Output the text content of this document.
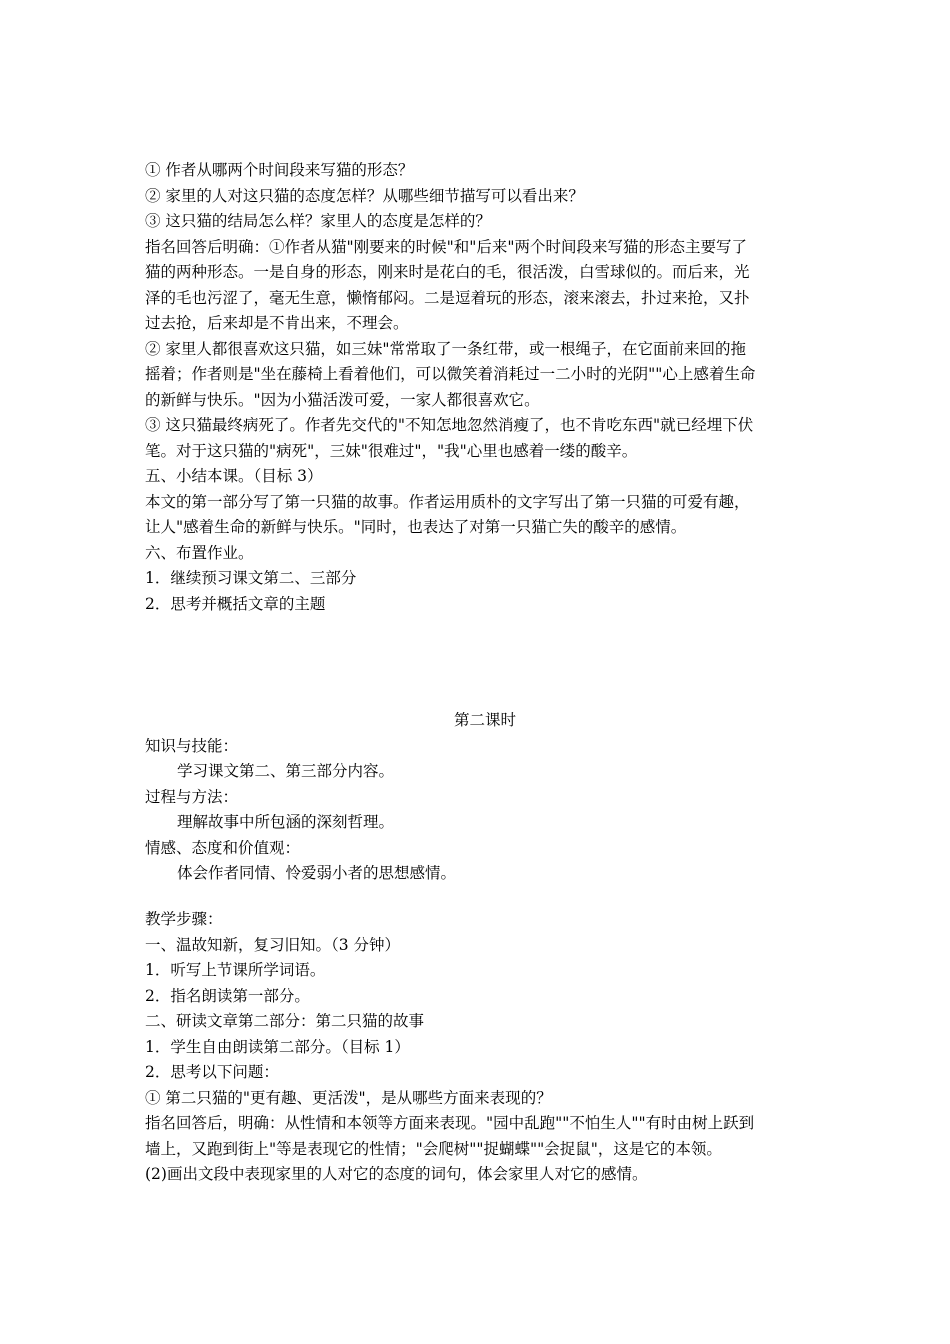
① 作者从哪两个时间段来写猫的形态？
② 家里的人对这只猫的态度怎样？从哪些细节描写可以看出来？
③ 这只猫的结局怎么样？家里人的态度是怎样的？
指名回答后明确：①作者从猫"刚要来的时候"和"后来"两个时间段来写猫的形态主要写了
猫的两种形态。一是自身的形态，刚来时是花白的毛，很活泼，白雪球似的。而后来，光
泽的毛也污涩了，毫无生意，懒惰郁闷。二是逗着玩的形态，滚来滚去，扑过来抢，又扑
过去抢，后来却是不肯出来，不理会。
② 家里人都很喜欢这只猫，如三妹"常常取了一条红带，或一根绳子，在它面前来回的拖
摇着；作者则是"坐在藤椅上看着他们，可以微笑着消耗过一二小时的光阴""心上感着生命
的新鲜与快乐。"因为小猫活泼可爱，一家人都很喜欢它。
③ 这只猫最终病死了。作者先交代的"不知怎地忽然消瘦了，也不肯吃东西"就已经埋下伏
笔。对于这只猫的"病死"，三妹"很难过"，"我"心里也感着一缕的酸辛。
五、小结本课。（目标 3）
本文的第一部分写了第一只猫的故事。作者运用质朴的文字写出了第一只猫的可爱有趣，
让人"感着生命的新鲜与快乐。"同时，也表达了对第一只猫亡失的酸辛的感情。
六、布置作业。
1．继续预习课文第二、三部分
2．思考并概括文章的主题
第二课时
知识与技能：
学习课文第二、第三部分内容。
过程与方法：
理解故事中所包涵的深刻哲理。
情感、态度和价值观：
体会作者同情、怜爱弱小者的思想感情。
教学步骤：
一、温故知新，复习旧知。（3 分钟）
1．听写上节课所学词语。
2．指名朗读第一部分。
二、研读文章第二部分：第二只猫的故事
1．学生自由朗读第二部分。（目标 1）
2．思考以下问题：
① 第二只猫的"更有趣、更活泼"，是从哪些方面来表现的？
指名回答后，明确：从性情和本领等方面来表现。"园中乱跑""不怕生人""有时由树上跃到
墙上，又跑到街上"等是表现它的性情；"会爬树""捉蝴蝶""会捉鼠"，这是它的本领。
(2)画出文段中表现家里的人对它的态度的词句，体会家里人对它的感情。
